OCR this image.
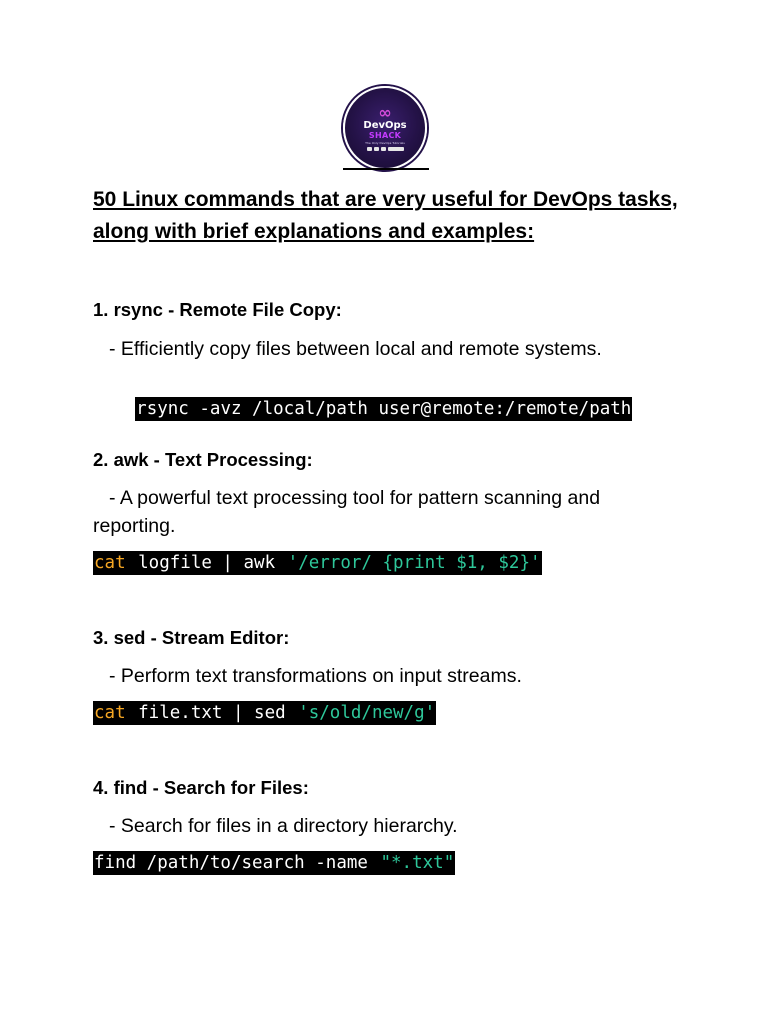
∞
DevOps
SHACK
The Only DevOps Tutorials
50 Linux commands that are very useful for DevOps tasks, along with brief explanations and examples:
1. rsync - Remote File Copy:
- Efficiently copy files between local and remote systems.

rsync -avz /local/path user@remote:/remote/path

2. awk - Text Processing:
- A powerful text processing tool for pattern scanning and reporting.
cat logfile | awk '/error/ {print $1, $2}'
3. sed - Stream Editor:
- Perform text transformations on input streams.
cat file.txt | sed 's/old/new/g'
4. find - Search for Files:
- Search for files in a directory hierarchy.
find /path/to/search -name "*.txt"
